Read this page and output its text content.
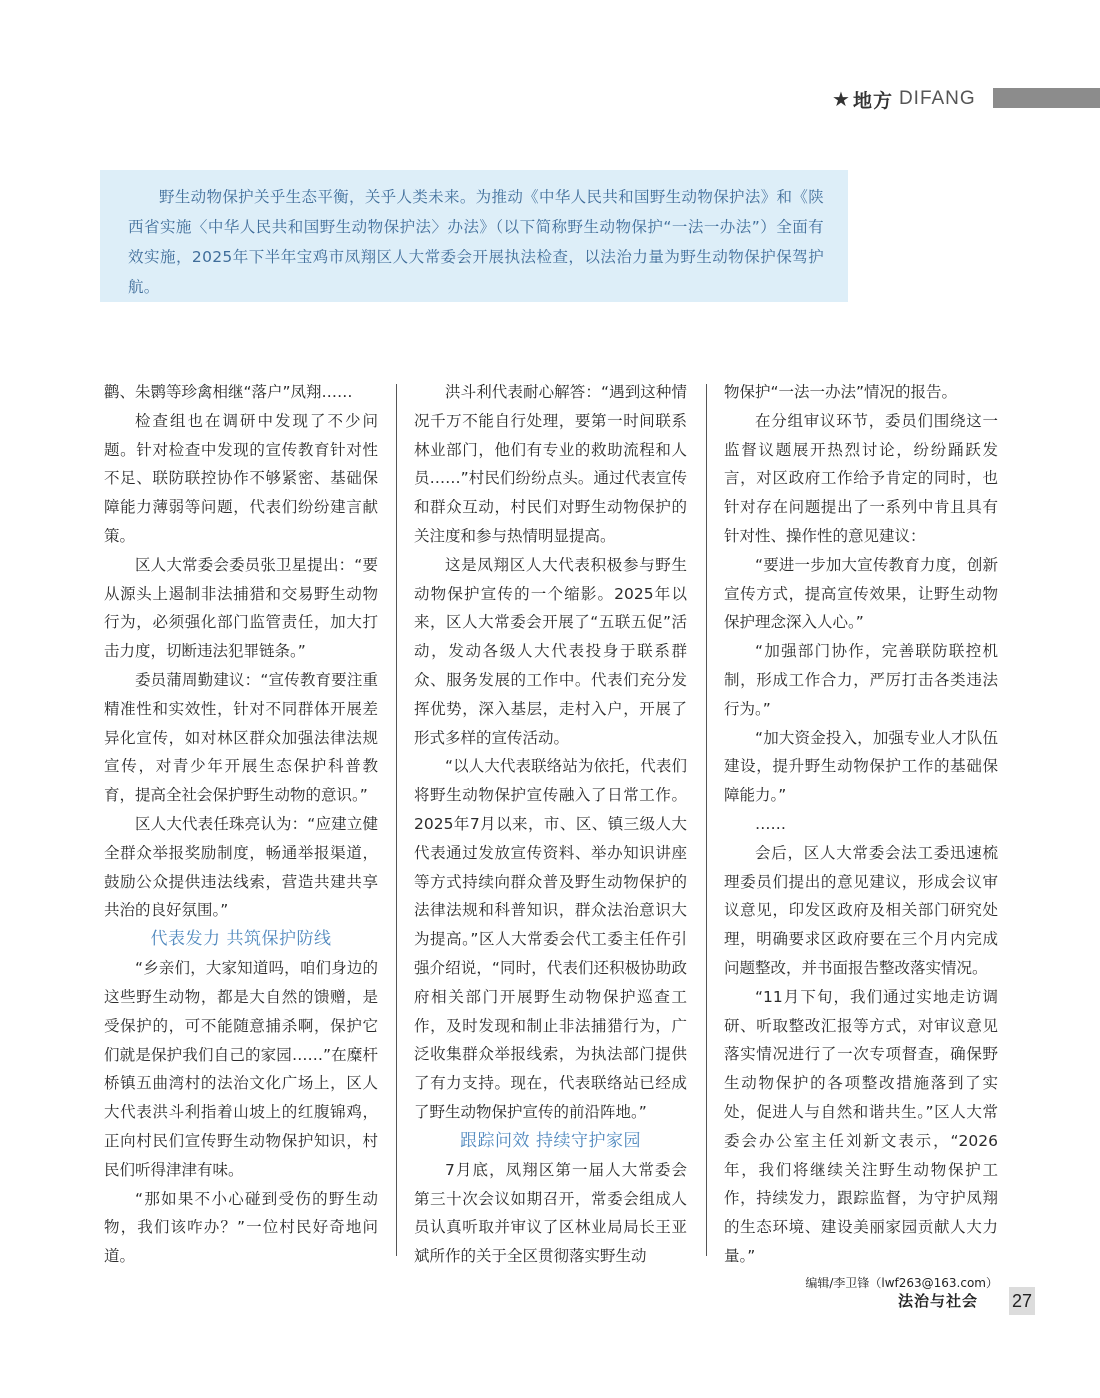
★ 地方 DIFANG

野生动物保护关乎生态平衡，关乎人类未来。为推动《中华人民共和国野生动物保护法》和《陕西省实施〈中华人民共和国野生动物保护法〉办法》（以下简称野生动物保护“一法一办法”）全面有效实施，2025年下半年宝鸡市凤翔区人大常委会开展执法检查，以法治力量为野生动物保护保驾护航。

鹳、朱鹮等珍禽相继“落户”凤翔……

检查组也在调研中发现了不少问题。针对检查中发现的宣传教育针对性不足、联防联控协作不够紧密、基础保障能力薄弱等问题，代表们纷纷建言献策。

区人大常委会委员张卫星提出：“要从源头上遏制非法捕猎和交易野生动物行为，必须强化部门监管责任，加大打击力度，切断违法犯罪链条。”

委员蒲周勤建议：“宣传教育要注重精准性和实效性，针对不同群体开展差异化宣传，如对林区群众加强法律法规宣传，对青少年开展生态保护科普教育，提高全社会保护野生动物的意识。”

区人大代表任珠亮认为：“应建立健全群众举报奖励制度，畅通举报渠道，鼓励公众提供违法线索，营造共建共享共治的良好氛围。”

代表发力 共筑保护防线

“乡亲们，大家知道吗，咱们身边的这些野生动物，都是大自然的馈赠，是受保护的，可不能随意捕杀啊，保护它们就是保护我们自己的家园……”在糜杆桥镇五曲湾村的法治文化广场上，区人大代表洪斗利指着山坡上的红腹锦鸡，正向村民们宣传野生动物保护知识，村民们听得津津有味。

“那如果不小心碰到受伤的野生动物，我们该咋办？”一位村民好奇地问道。

洪斗利代表耐心解答：“遇到这种情况千万不能自行处理，要第一时间联系林业部门，他们有专业的救助流程和人员……”村民们纷纷点头。通过代表宣传和群众互动，村民们对野生动物保护的关注度和参与热情明显提高。

这是凤翔区人大代表积极参与野生动物保护宣传的一个缩影。2025年以来，区人大常委会开展了“五联五促”活动，发动各级人大代表投身于联系群众、服务发展的工作中。代表们充分发挥优势，深入基层，走村入户，开展了形式多样的宣传活动。

“以人大代表联络站为依托，代表们将野生动物保护宣传融入了日常工作。2025年7月以来，市、区、镇三级人大代表通过发放宣传资料、举办知识讲座等方式持续向群众普及野生动物保护的法律法规和科普知识，群众法治意识大为提高。”区人大常委会代工委主任仵引强介绍说，“同时，代表们还积极协助政府相关部门开展野生动物保护巡查工作，及时发现和制止非法捕猎行为，广泛收集群众举报线索，为执法部门提供了有力支持。现在，代表联络站已经成了野生动物保护宣传的前沿阵地。”

跟踪问效 持续守护家园

7月底，凤翔区第一届人大常委会第三十次会议如期召开，常委会组成人员认真听取并审议了区林业局局长王亚斌所作的关于全区贯彻落实野生动

物保护“一法一办法”情况的报告。

在分组审议环节，委员们围绕这一监督议题展开热烈讨论，纷纷踊跃发言，对区政府工作给予肯定的同时，也针对存在问题提出了一系列中肯且具有针对性、操作性的意见建议：

“要进一步加大宣传教育力度，创新宣传方式，提高宣传效果，让野生动物保护理念深入人心。”

“加强部门协作，完善联防联控机制，形成工作合力，严厉打击各类违法行为。”

“加大资金投入，加强专业人才队伍建设，提升野生动物保护工作的基础保障能力。”

……

会后，区人大常委会法工委迅速梳理委员们提出的意见建议，形成会议审议意见，印发区政府及相关部门研究处理，明确要求区政府要在三个月内完成问题整改，并书面报告整改落实情况。

“11月下旬，我们通过实地走访调研、听取整改汇报等方式，对审议意见落实情况进行了一次专项督查，确保野生动物保护的各项整改措施落到了实处，促进人与自然和谐共生。”区人大常委会办公室主任刘新文表示，“2026年，我们将继续关注野生动物保护工作，持续发力，跟踪监督，为守护凤翔的生态环境、建设美丽家园贡献人大力量。”

编辑/李卫锋（lwf263@163.com）

法治与社会 27
